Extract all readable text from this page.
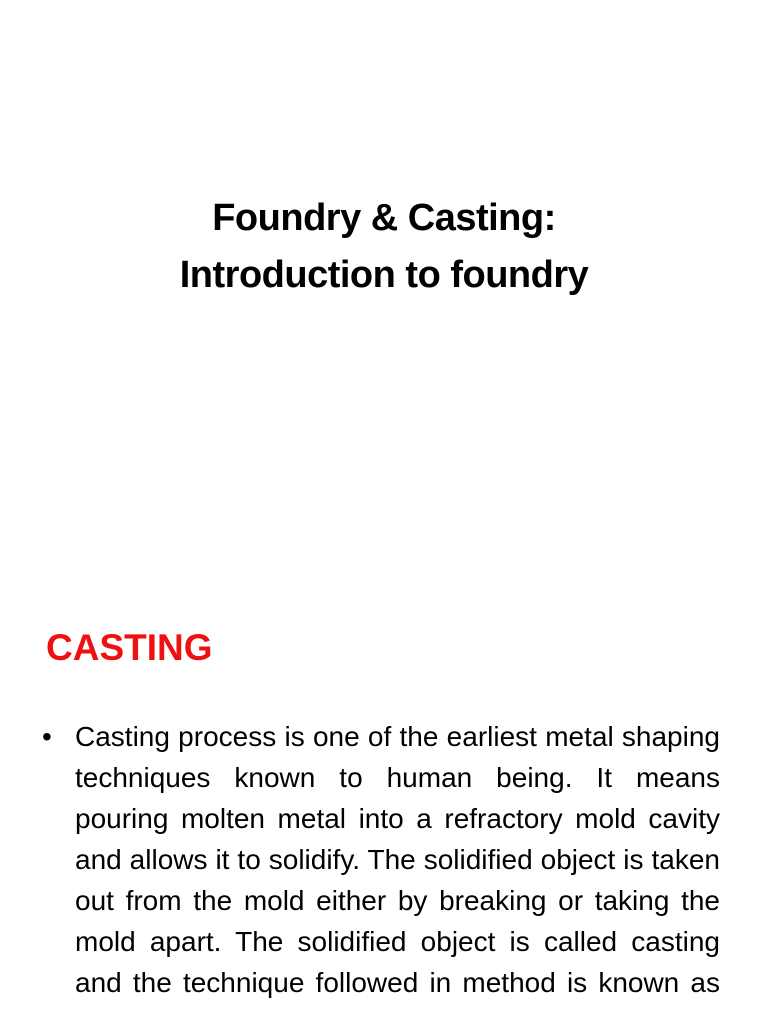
Foundry & Casting:
Introduction to foundry
CASTING
• Casting process is one of the earliest metal shaping techniques known to human being. It means pouring molten metal into a refractory mold cavity and allows it to solidify. The solidified object is taken out from the mold either by breaking or taking the mold apart. The solidified object is called casting and the technique followed in method is known as
